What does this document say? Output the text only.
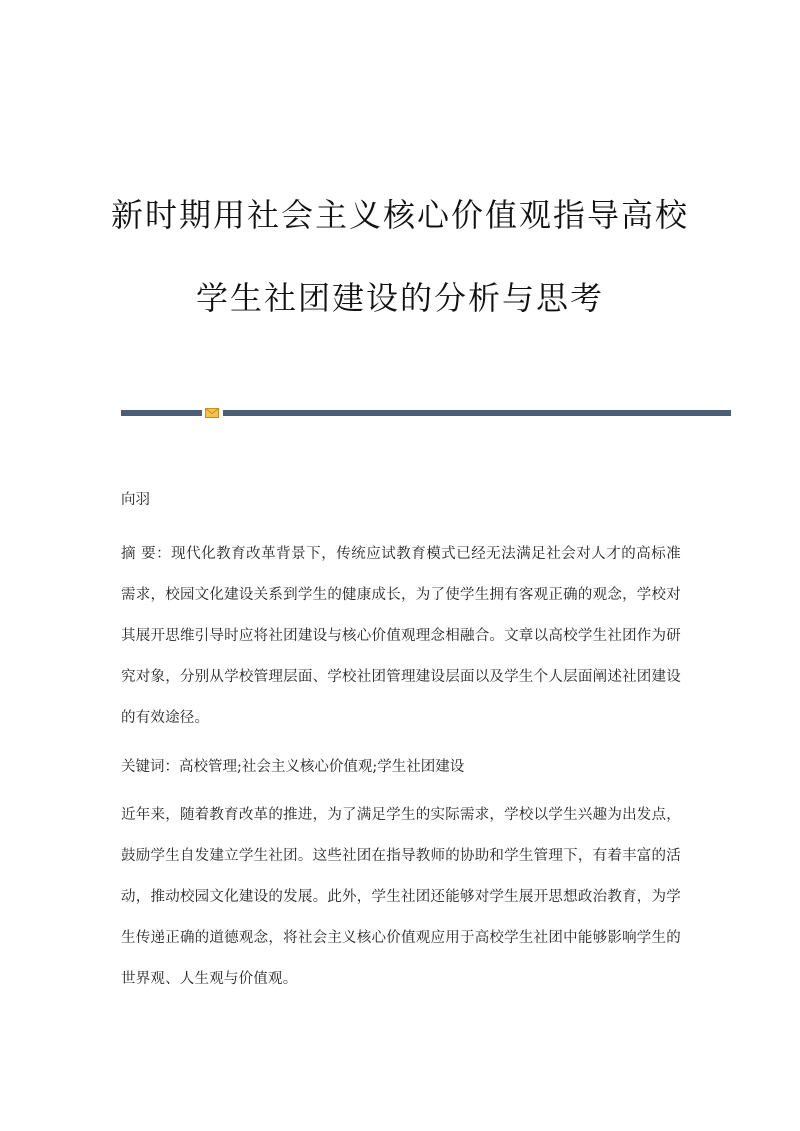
新时期用社会主义核心价值观指导高校
学生社团建设的分析与思考
向羽

摘 要：现代化教育改革背景下，传统应试教育模式已经无法满足社会对人才的高标准需求，校园文化建设关系到学生的健康成长，为了使学生拥有客观正确的观念，学校对其展开思维引导时应将社团建设与核心价值观理念相融合。文章以高校学生社团作为研究对象，分别从学校管理层面、学校社团管理建设层面以及学生个人层面阐述社团建设的有效途径。

关键词：高校管理;社会主义核心价值观;学生社团建设

近年来，随着教育改革的推进，为了满足学生的实际需求，学校以学生兴趣为出发点，鼓励学生自发建立学生社团。这些社团在指导教师的协助和学生管理下，有着丰富的活动，推动校园文化建设的发展。此外，学生社团还能够对学生展开思想政治教育，为学生传递正确的道德观念，将社会主义核心价值观应用于高校学生社团中能够影响学生的世界观、人生观与价值观。
